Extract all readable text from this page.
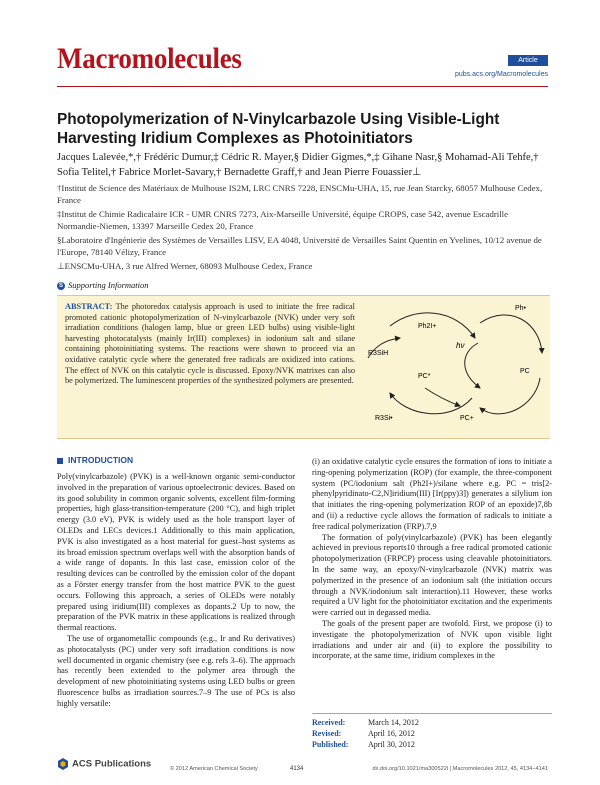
Macromolecules	Article
pubs.acs.org/Macromolecules
Photopolymerization of N-Vinylcarbazole Using Visible-Light Harvesting Iridium Complexes as Photoinitiators
Jacques Lalevée,*,† Frédéric Dumur,‡ Cédric R. Mayer,§ Didier Gigmes,*,‡ Gihane Nasr,§ Mohamad-Ali Tehfe,† Sofia Telitel,† Fabrice Morlet-Savary,† Bernadette Graff,† and Jean Pierre Fouassier⊥
†Institut de Science des Matériaux de Mulhouse IS2M, LRC CNRS 7228, ENSCMu-UHA, 15, rue Jean Starcky, 68057 Mulhouse Cedex, France
‡Institut de Chimie Radicalaire ICR - UMR CNRS 7273, Aix-Marseille Université, équipe CROPS, case 542, avenue Escadrille Normandie-Niemen, 13397 Marseille Cedex 20, France
§Laboratoire d'Ingénierie des Systèmes de Versailles LISV, EA 4048, Université de Versailles Saint Quentin en Yvelines, 10/12 avenue de l'Europe, 78140 Vélizy, France
⊥ENSCMu-UHA, 3 rue Alfred Werner, 68093 Mulhouse Cedex, France
S Supporting Information
ABSTRACT: The photoredox catalysis approach is used to initiate the free radical promoted cationic photopolymerization of N-vinylcarbazole (NVK) under very soft irradiation conditions (halogen lamp, blue or green LED bulbs) using visible-light harvesting photocatalysts (mainly Ir(III) complexes) in iodonium salt and silane containing photoinitiating systems. The reactions were shown to proceed via an oxidative catalytic cycle where the generated free radicals are oxidized into cations. The effect of NVK on this catalytic cycle is discussed. Epoxy/NVK matrixes can also be polymerized. The luminescent properties of the synthesized polymers are presented.
R3SiH
Ph2I+
hν
PC*
PC
PC+
R3Si•
Ph•
INTRODUCTION

Poly(vinylcarbazole) (PVK) is a well-known organic semi-conductor involved in the preparation of various optoelectronic devices. Based on its good solubility in common organic solvents, excellent film-forming properties, high glass-transition-temperature (200 °C), and high triplet energy (3.0 eV), PVK is widely used as the hole transport layer of OLEDs and LECs devices.1 Additionally to this main application, PVK is also investigated as a host material for guest–host systems as its broad emission spectrum overlaps well with the absorption bands of a wide range of dopants. In this last case, emission color of the resulting devices can be controlled by the emission color of the dopant as a Förster energy transfer from the host matrice PVK to the guest occurs. Following this approach, a series of OLEDs were notably prepared using iridium(III) complexes as dopants.2 Up to now, the preparation of the PVK matrix in these applications is realized through thermal reactions.

The use of organometallic compounds (e.g., Ir and Ru derivatives) as photocatalysts (PC) under very soft irradiation conditions is now well documented in organic chemistry (see e.g. refs 3–6). The approach has recently been extended to the polymer area through the development of new photoinitiating systems using LED bulbs or green fluorescence bulbs as irradiation sources.7–9 The use of PCs is also highly versatile:

(i) an oxidative catalytic cycle ensures the formation of ions to initiate a ring-opening polymerization (ROP) (for example, the three-component system (PC/iodonium salt (Ph2I+)/silane where e.g. PC = tris[2-phenylpyridinato-C2,N]iridium(III) [Ir(ppy)3]) generates a silylium ion that initiates the ring-opening polymerization ROP of an epoxide)7,8b and (ii) a reductive cycle allows the formation of radicals to initiate a free radical polymerization (FRP).7,9

The formation of poly(vinylcarbazole) (PVK) has been elegantly achieved in previous reports10 through a free radical promoted cationic photopolymerization (FRPCP) process using cleavable photoinitiators. In the same way, an epoxy/N-vinylcarbazole (NVK) matrix was polymerized in the presence of an iodonium salt (the initiation occurs through a NVK/iodonium salt interaction).11 However, these works required a UV light for the photoinitiator excitation and the experiments were carried out in degassed media.

The goals of the present paper are twofold. First, we propose (i) to investigate the photopolymerization of NVK upon visible light irradiations and under air and (ii) to explore the possibility to incorporate, at the same time, iridium complexes in the

Received:	March 14, 2012
Revised:	April 16, 2012
Published: April 30, 2012
ACS Publications	© 2012 American Chemical Society	4134	dx.doi.org/10.1021/ma300522l | Macromolecules 2012, 45, 4134−4141
